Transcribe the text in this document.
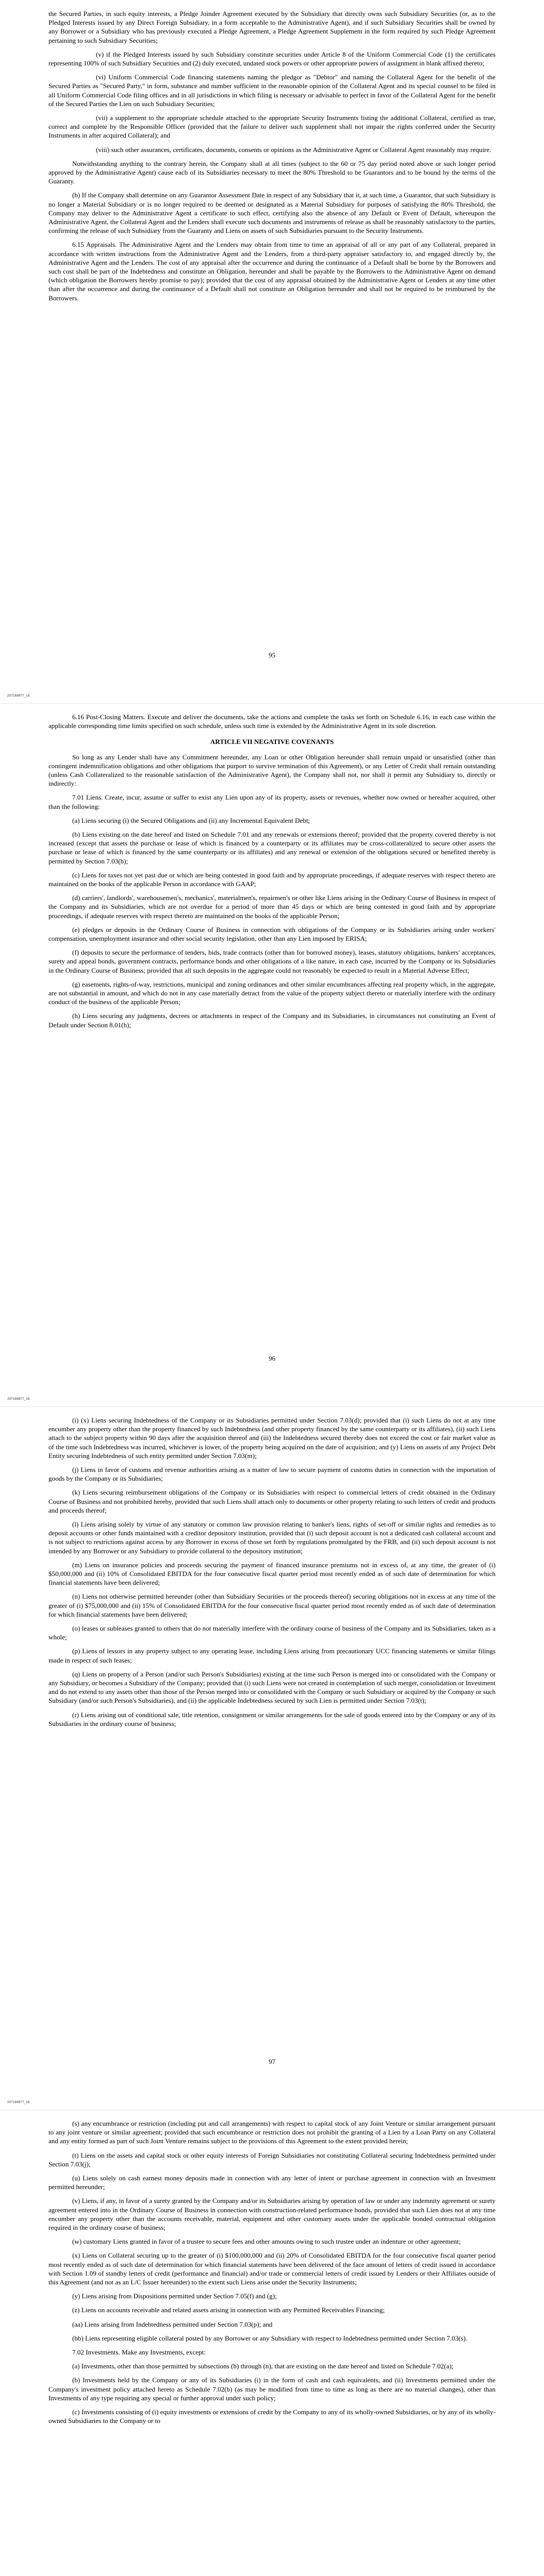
the Secured Parties, in such equity interests, a Pledge Joinder Agreement executed by the Subsidiary that directly owns such Subsidiary Securities (or, as to the Pledged Interests issued by any Direct Foreign Subsidiary, in a form acceptable to the Administrative Agent), and if such Subsidiary Securities shall be owned by any Borrower or a Subsidiary who has previously executed a Pledge Agreement, a Pledge Agreement Supplement in the form required by such Pledge Agreement pertaining to such Subsidiary Securities;

(v) if the Pledged Interests issued by such Subsidiary constitute securities under Article 8 of the Uniform Commercial Code (1) the certificates representing 100% of such Subsidiary Securities and (2) duly executed, undated stock powers or other appropriate powers of assignment in blank affixed thereto;

(vi) Uniform Commercial Code financing statements naming the pledgor as "Debtor" and naming the Collateral Agent for the benefit of the Secured Parties as "Secured Party," in form, substance and number sufficient in the reasonable opinion of the Collateral Agent and its special counsel to be filed in all Uniform Commercial Code filing offices and in all jurisdictions in which filing is necessary or advisable to perfect in favor of the Collateral Agent for the benefit of the Secured Parties the Lien on such Subsidiary Securities;

(vii) a supplement to the appropriate schedule attached to the appropriate Security Instruments listing the additional Collateral, certified as true, correct and complete by the Responsible Officer (provided that the failure to deliver such supplement shall not impair the rights conferred under the Security Instruments in after acquired Collateral); and

(viii) such other assurances, certificates, documents, consents or opinions as the Administrative Agent or Collateral Agent reasonably may require.

Notwithstanding anything to the contrary herein, the Company shall at all times (subject to the 60 or 75 day period noted above or such longer period approved by the Administrative Agent) cause each of its Subsidiaries necessary to meet the 80% Threshold to be Guarantors and to be bound by the terms of the Guaranty.

(b) If the Company shall determine on any Guarantor Assessment Date in respect of any Subsidiary that it, at such time, a Guarantor, that such Subsidiary is no longer a Material Subsidiary or is no longer required to be deemed or designated as a Material Subsidiary for purposes of satisfying the 80% Threshold, the Company may deliver to the Administrative Agent a certificate to such effect, certifying also the absence of any Default or Event of Default, whereupon the Administrative Agent, the Collateral Agent and the Lenders shall execute such documents and instruments of release as shall be reasonably satisfactory to the parties, confirming the release of such Subsidiary from the Guaranty and Liens on assets of such Subsidiaries pursuant to the Security Instruments.

6.15 Appraisals. The Administrative Agent and the Lenders may obtain from time to time an appraisal of all or any part of any Collateral, prepared in accordance with written instructions from the Administrative Agent and the Lenders, from a third-party appraiser satisfactory to, and engaged directly by, the Administrative Agent and the Lenders. The cost of any appraisal after the occurrence and during the continuance of a Default shall be borne by the Borrowers and such cost shall be part of the Indebtedness and constitute an Obligation, hereunder and shall be payable by the Borrowers to the Administrative Agent on demand (which obligation the Borrowers hereby promise to pay); provided that the cost of any appraisal obtained by the Administrative Agent or Lenders at any time other than after the occurrence and during the continuance of a Default shall not constitute an Obligation hereunder and shall not be required to be reimbursed by the Borrowers.

95
207169977_18

6.16 Post-Closing Matters. Execute and deliver the documents, take the actions and complete the tasks set forth on Schedule 6.16, in each case within the applicable corresponding time limits specified on such schedule, unless such time is extended by the Administrative Agent in its sole discretion.

ARTICLE VII NEGATIVE COVENANTS

So long as any Lender shall have any Commitment hereunder, any Loan or other Obligation hereunder shall remain unpaid or unsatisfied (other than contingent indemnification obligations and other obligations that purport to survive termination of this Agreement), or any Letter of Credit shall remain outstanding (unless Cash Collateralized to the reasonable satisfaction of the Administrative Agent), the Company shall not, nor shall it permit any Subsidiary to, directly or indirectly:

7.01 Liens. Create, incur, assume or suffer to exist any Lien upon any of its property, assets or revenues, whether now owned or hereafter acquired, other than the following:

(a) Liens securing (i) the Secured Obligations and (ii) any Incremental Equivalent Debt;

(b) Liens existing on the date hereof and listed on Schedule 7.01 and any renewals or extensions thereof; provided that the property covered thereby is not increased (except that assets the purchase or lease of which is financed by a counterparty or its affiliates may be cross-collateralized to secure other assets the purchase or lease of which is financed by the same counterparty or its affiliates) and any renewal or extension of the obligations secured or benefited thereby is permitted by Section 7.03(b);

(c) Liens for taxes not yet past due or which are being contested in good faith and by appropriate proceedings, if adequate reserves with respect thereto are maintained on the books of the applicable Person in accordance with GAAP;

(d) carriers', landlords', warehousemen's, mechanics', materialmen's, repairmen's or other like Liens arising in the Ordinary Course of Business in respect of the Company and its Subsidiaries, which are not overdue for a period of more than 45 days or which are being contested in good faith and by appropriate proceedings, if adequate reserves with respect thereto are maintained on the books of the applicable Person;

(e) pledges or deposits in the Ordinary Course of Business in connection with obligations of the Company or its Subsidiaries arising under workers' compensation, unemployment insurance and other social security legislation, other than any Lien imposed by ERISA;

(f) deposits to secure the performance of tenders, bids, trade contracts (other than for borrowed money), leases, statutory obligations, bankers' acceptances, surety and appeal bonds, government contracts, performance bonds and other obligations of a like nature, in each case, incurred by the Company or its Subsidiaries in the Ordinary Course of Business; provided that all such deposits in the aggregate could not reasonably be expected to result in a Material Adverse Effect;

(g) easements, rights-of-way, restrictions, municipal and zoning ordinances and other similar encumbrances affecting real property which, in the aggregate, are not substantial in amount, and which do not in any case materially detract from the value of the property subject thereto or materially interfere with the ordinary conduct of the business of the applicable Person;

(h) Liens securing any judgments, decrees or attachments in respect of the Company and its Subsidiaries, in circumstances not constituting an Event of Default under Section 8.01(h);

96
207169977_18

(i) (x) Liens securing Indebtedness of the Company or its Subsidiaries permitted under Section 7.03(d); provided that (i) such Liens do not at any time encumber any property other than the property financed by such Indebtedness (and other property financed by the same counterparty or its affiliates), (ii) such Liens attach to the subject property within 90 days after the acquisition thereof and (iii) the Indebtedness secured thereby does not exceed the cost or fair market value as of the time such Indebtedness was incurred, whichever is lower, of the property being acquired on the date of acquisition; and (y) Liens on assets of any Project Debt Entity securing Indebtedness of such entity permitted under Section 7.03(m);

(j) Liens in favor of customs and revenue authorities arising as a matter of law to secure payment of customs duties in connection with the importation of goods by the Company or its Subsidiaries;

(k) Liens securing reimbursement obligations of the Company or its Subsidiaries with respect to commercial letters of credit obtained in the Ordinary Course of Business and not prohibited hereby, provided that such Liens shall attach only to documents or other property relating to such letters of credit and products and proceeds thereof;

(l) Liens arising solely by virtue of any statutory or common law provision relating to banker's liens, rights of set-off or similar rights and remedies as to deposit accounts or other funds maintained with a creditor depository institution, provided that (i) such deposit account is not a dedicated cash collateral account and is not subject to restrictions against access by any Borrower in excess of those set forth by regulations promulgated by the FRB, and (ii) such deposit account is not intended by any Borrower or any Subsidiary to provide collateral to the depository institution;

(m) Liens on insurance policies and proceeds securing the payment of financed insurance premiums not in excess of, at any time, the greater of (i) $50,000,000 and (ii) 10% of Consolidated EBITDA for the four consecutive fiscal quarter period most recently ended as of such date of determination for which financial statements have been delivered;

(n) Liens not otherwise permitted hereunder (other than Subsidiary Securities or the proceeds thereof) securing obligations not in excess at any time of the greater of (i) $75,000,000 and (ii) 15% of Consolidated EBITDA for the four consecutive fiscal quarter period most recently ended as of such date of determination for which financial statements have been delivered;

(o) leases or subleases granted to others that do not materially interfere with the ordinary course of business of the Company and its Subsidiaries, taken as a whole;

(p) Liens of lessors in any property subject to any operating lease, including Liens arising from precautionary UCC financing statements or similar filings made in respect of such leases;

(q) Liens on property of a Person (and/or such Person's Subsidiaries) existing at the time such Person is merged into or consolidated with the Company or any Subsidiary, or becomes a Subsidiary of the Company; provided that (i) such Liens were not created in contemplation of such merger, consolidation or Investment and do not extend to any assets other than those of the Person merged into or consolidated with the Company or such Subsidiary or acquired by the Company or such Subsidiary (and/or such Person's Subsidiaries), and (ii) the applicable Indebtedness secured by such Lien is permitted under Section 7.03(t);

(r) Liens arising out of conditional sale, title retention, consignment or similar arrangements for the sale of goods entered into by the Company or any of its Subsidiaries in the ordinary course of business;

97
207169977_18

(s) any encumbrance or restriction (including put and call arrangements) with respect to capital stock of any Joint Venture or similar arrangement pursuant to any joint venture or similar agreement; provided that such encumbrance or restriction does not prohibit the granting of a Lien by a Loan Party on any Collateral and any entity formed as part of such Joint Venture remains subject to the provisions of this Agreement to the extent provided herein;

(t) Liens on the assets and capital stock or other equity interests of Foreign Subsidiaries not constituting Collateral securing Indebtedness permitted under Section 7.03(j);

(u) Liens solely on cash earnest money deposits made in connection with any letter of intent or purchase agreement in connection with an Investment permitted hereunder;

(v) Liens, if any, in favor of a surety granted by the Company and/or its Subsidiaries arising by operation of law or under any indemnity agreement or surety agreement entered into in the Ordinary Course of Business in connection with construction-related performance bonds, provided that such Lien does not at any time encumber any property other than the accounts receivable, material, equipment and other customary assets under the applicable bonded contractual obligation required in the ordinary course of business;

(w) customary Liens granted in favor of a trustee to secure fees and other amounts owing to such trustee under an indenture or other agreement;

(x) Liens on Collateral securing up to the greater of (i) $100,000,000 and (ii) 20% of Consolidated EBITDA for the four consecutive fiscal quarter period most recently ended as of such date of determination for which financial statements have been delivered of the face amount of letters of credit issued in accordance with Section 1.09 of standby letters of credit (performance and financial) and/or trade or commercial letters of credit issued by Lenders or their Affiliates outside of this Agreement (and not as an L/C Issuer hereunder) to the extent such Liens arise under the Security Instruments;

(y) Liens arising from Dispositions permitted under Section 7.05(f) and (g);

(z) Liens on accounts receivable and related assets arising in connection with any Permitted Receivables Financing;

(aa) Liens arising from Indebtedness permitted under Section 7.03(p); and

(bb) Liens representing eligible collateral posted by any Borrower or any Subsidiary with respect to Indebtedness permitted under Section 7.03(s).

7.02 Investments. Make any Investments, except:

(a) Investments, other than those permitted by subsections (b) through (n), that are existing on the date hereof and listed on Schedule 7.02(a);

(b) Investments held by the Company or any of its Subsidiaries (i) in the form of cash and cash equivalents, and (ii) Investments permitted under the Company's investment policy attached hereto as Schedule 7.02(b) (as may be modified from time to time as long as there are no material changes), other than Investments of any type requiring any special or further approval under such policy;

(c) Investments consisting of (i) equity investments or extensions of credit by the Company to any of its wholly-owned Subsidiaries, or by any of its wholly-owned Subsidiaries to the Company or to
